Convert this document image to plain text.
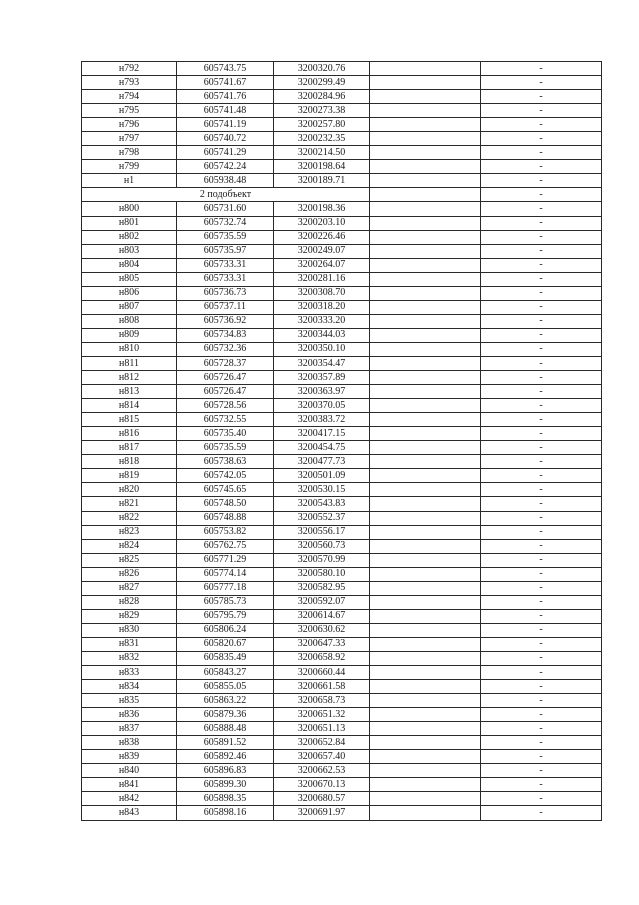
н792	605743.75	3200320.76		-
н793	605741.67	3200299.49		-
н794	605741.76	3200284.96		-
н795	605741.48	3200273.38		-
н796	605741.19	3200257.80		-
н797	605740.72	3200232.35		-
н798	605741.29	3200214.50		-
н799	605742.24	3200198.64		-
н1	605938.48	3200189.71		-
2 подобъект				-
н800	605731.60	3200198.36		-
н801	605732.74	3200203.10		-
н802	605735.59	3200226.46		-
н803	605735.97	3200249.07		-
н804	605733.31	3200264.07		-
н805	605733.31	3200281.16		-
н806	605736.73	3200308.70		-
н807	605737.11	3200318.20		-
н808	605736.92	3200333.20		-
н809	605734.83	3200344.03		-
н810	605732.36	3200350.10		-
н811	605728.37	3200354.47		-
н812	605726.47	3200357.89		-
н813	605726.47	3200363.97		-
н814	605728.56	3200370.05		-
н815	605732.55	3200383.72		-
н816	605735.40	3200417.15		-
н817	605735.59	3200454.75		-
н818	605738.63	3200477.73		-
н819	605742.05	3200501.09		-
н820	605745.65	3200530.15		-
н821	605748.50	3200543.83		-
н822	605748.88	3200552.37		-
н823	605753.82	3200556.17		-
н824	605762.75	3200560.73		-
н825	605771.29	3200570.99		-
н826	605774.14	3200580.10		-
н827	605777.18	3200582.95		-
н828	605785.73	3200592.07		-
н829	605795.79	3200614.67		-
н830	605806.24	3200630.62		-
н831	605820.67	3200647.33		-
н832	605835.49	3200658.92		-
н833	605843.27	3200660.44		-
н834	605855.05	3200661.58		-
н835	605863.22	3200658.73		-
н836	605879.36	3200651.32		-
н837	605888.48	3200651.13		-
н838	605891.52	3200652.84		-
н839	605892.46	3200657.40		-
н840	605896.83	3200662.53		-
н841	605899.30	3200670.13		-
н842	605898.35	3200680.57		-
н843	605898.16	3200691.97		-
